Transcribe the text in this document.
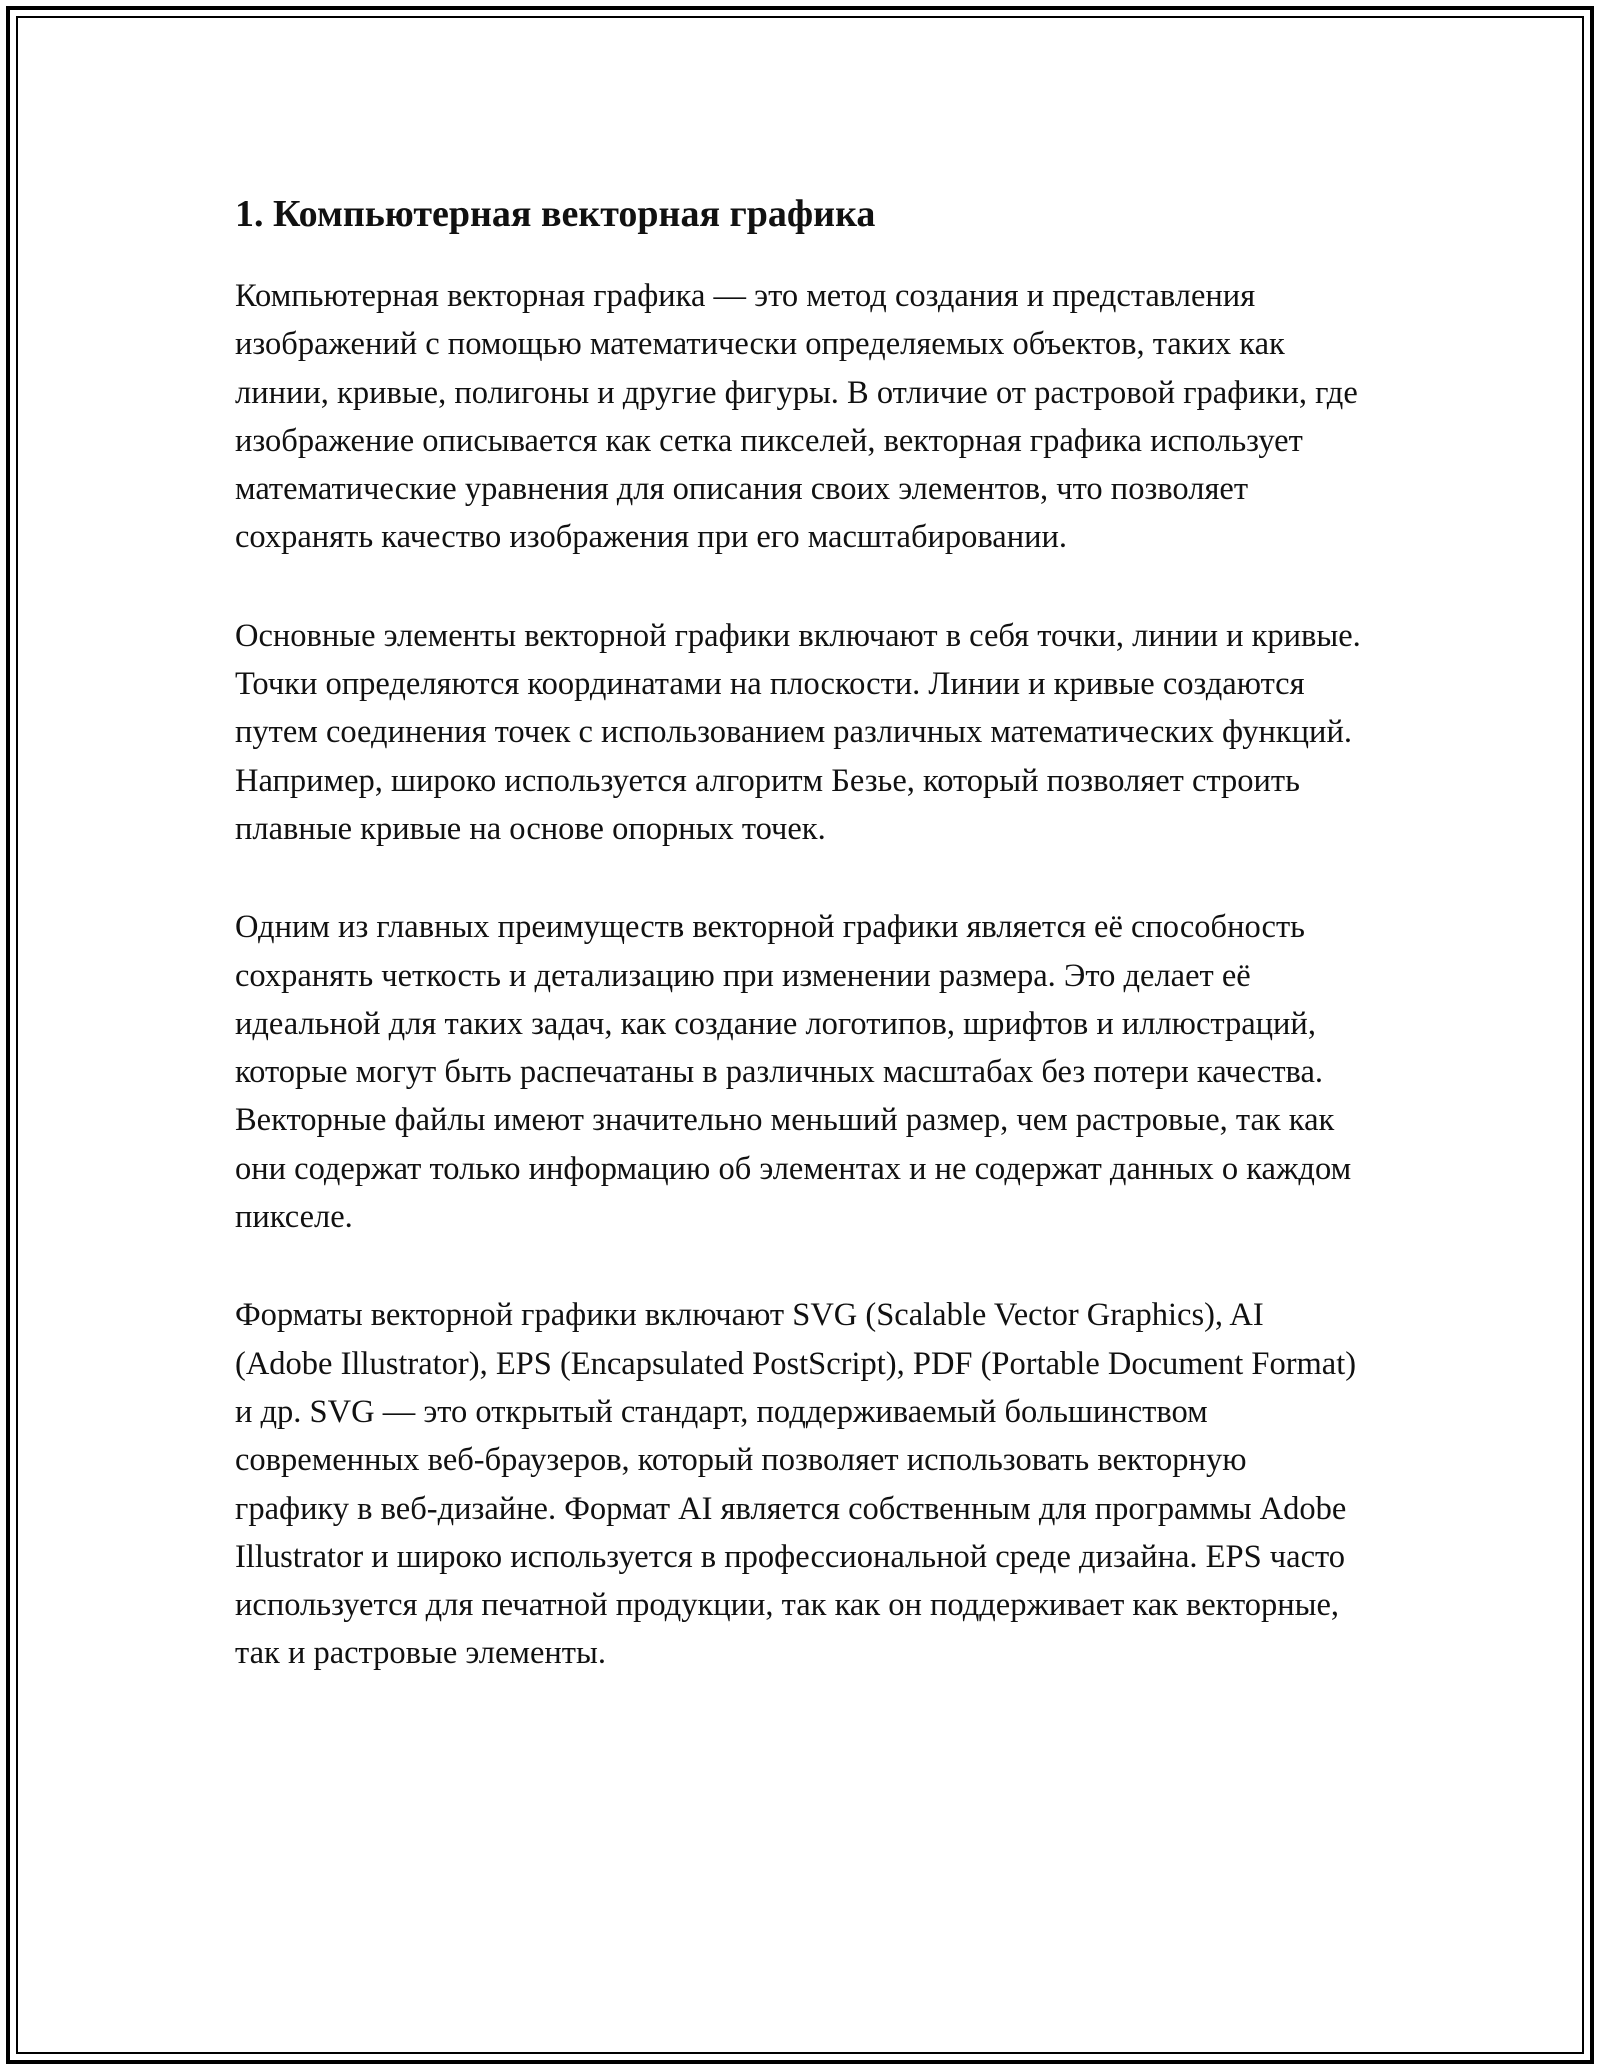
1. Компьютерная векторная графика

Компьютерная векторная графика — это метод создания и представления изображений с помощью математически определяемых объектов, таких как линии, кривые, полигоны и другие фигуры. В отличие от растровой графики, где изображение описывается как сетка пикселей, векторная графика использует математические уравнения для описания своих элементов, что позволяет сохранять качество изображения при его масштабировании.

Основные элементы векторной графики включают в себя точки, линии и кривые. Точки определяются координатами на плоскости. Линии и кривые создаются путем соединения точек с использованием различных математических функций. Например, широко используется алгоритм Безье, который позволяет строить плавные кривые на основе опорных точек.

Одним из главных преимуществ векторной графики является её способность сохранять четкость и детализацию при изменении размера. Это делает её идеальной для таких задач, как создание логотипов, шрифтов и иллюстраций, которые могут быть распечатаны в различных масштабах без потери качества. Векторные файлы имеют значительно меньший размер, чем растровые, так как они содержат только информацию об элементах и не содержат данных о каждом пикселе.

Форматы векторной графики включают SVG (Scalable Vector Graphics), AI (Adobe Illustrator), EPS (Encapsulated PostScript), PDF (Portable Document Format) и др. SVG — это открытый стандарт, поддерживаемый большинством современных веб-браузеров, который позволяет использовать векторную графику в веб-дизайне. Формат AI является собственным для программы Adobe Illustrator и широко используется в профессиональной среде дизайна. EPS часто используется для печатной продукции, так как он поддерживает как векторные, так и растровые элементы.
